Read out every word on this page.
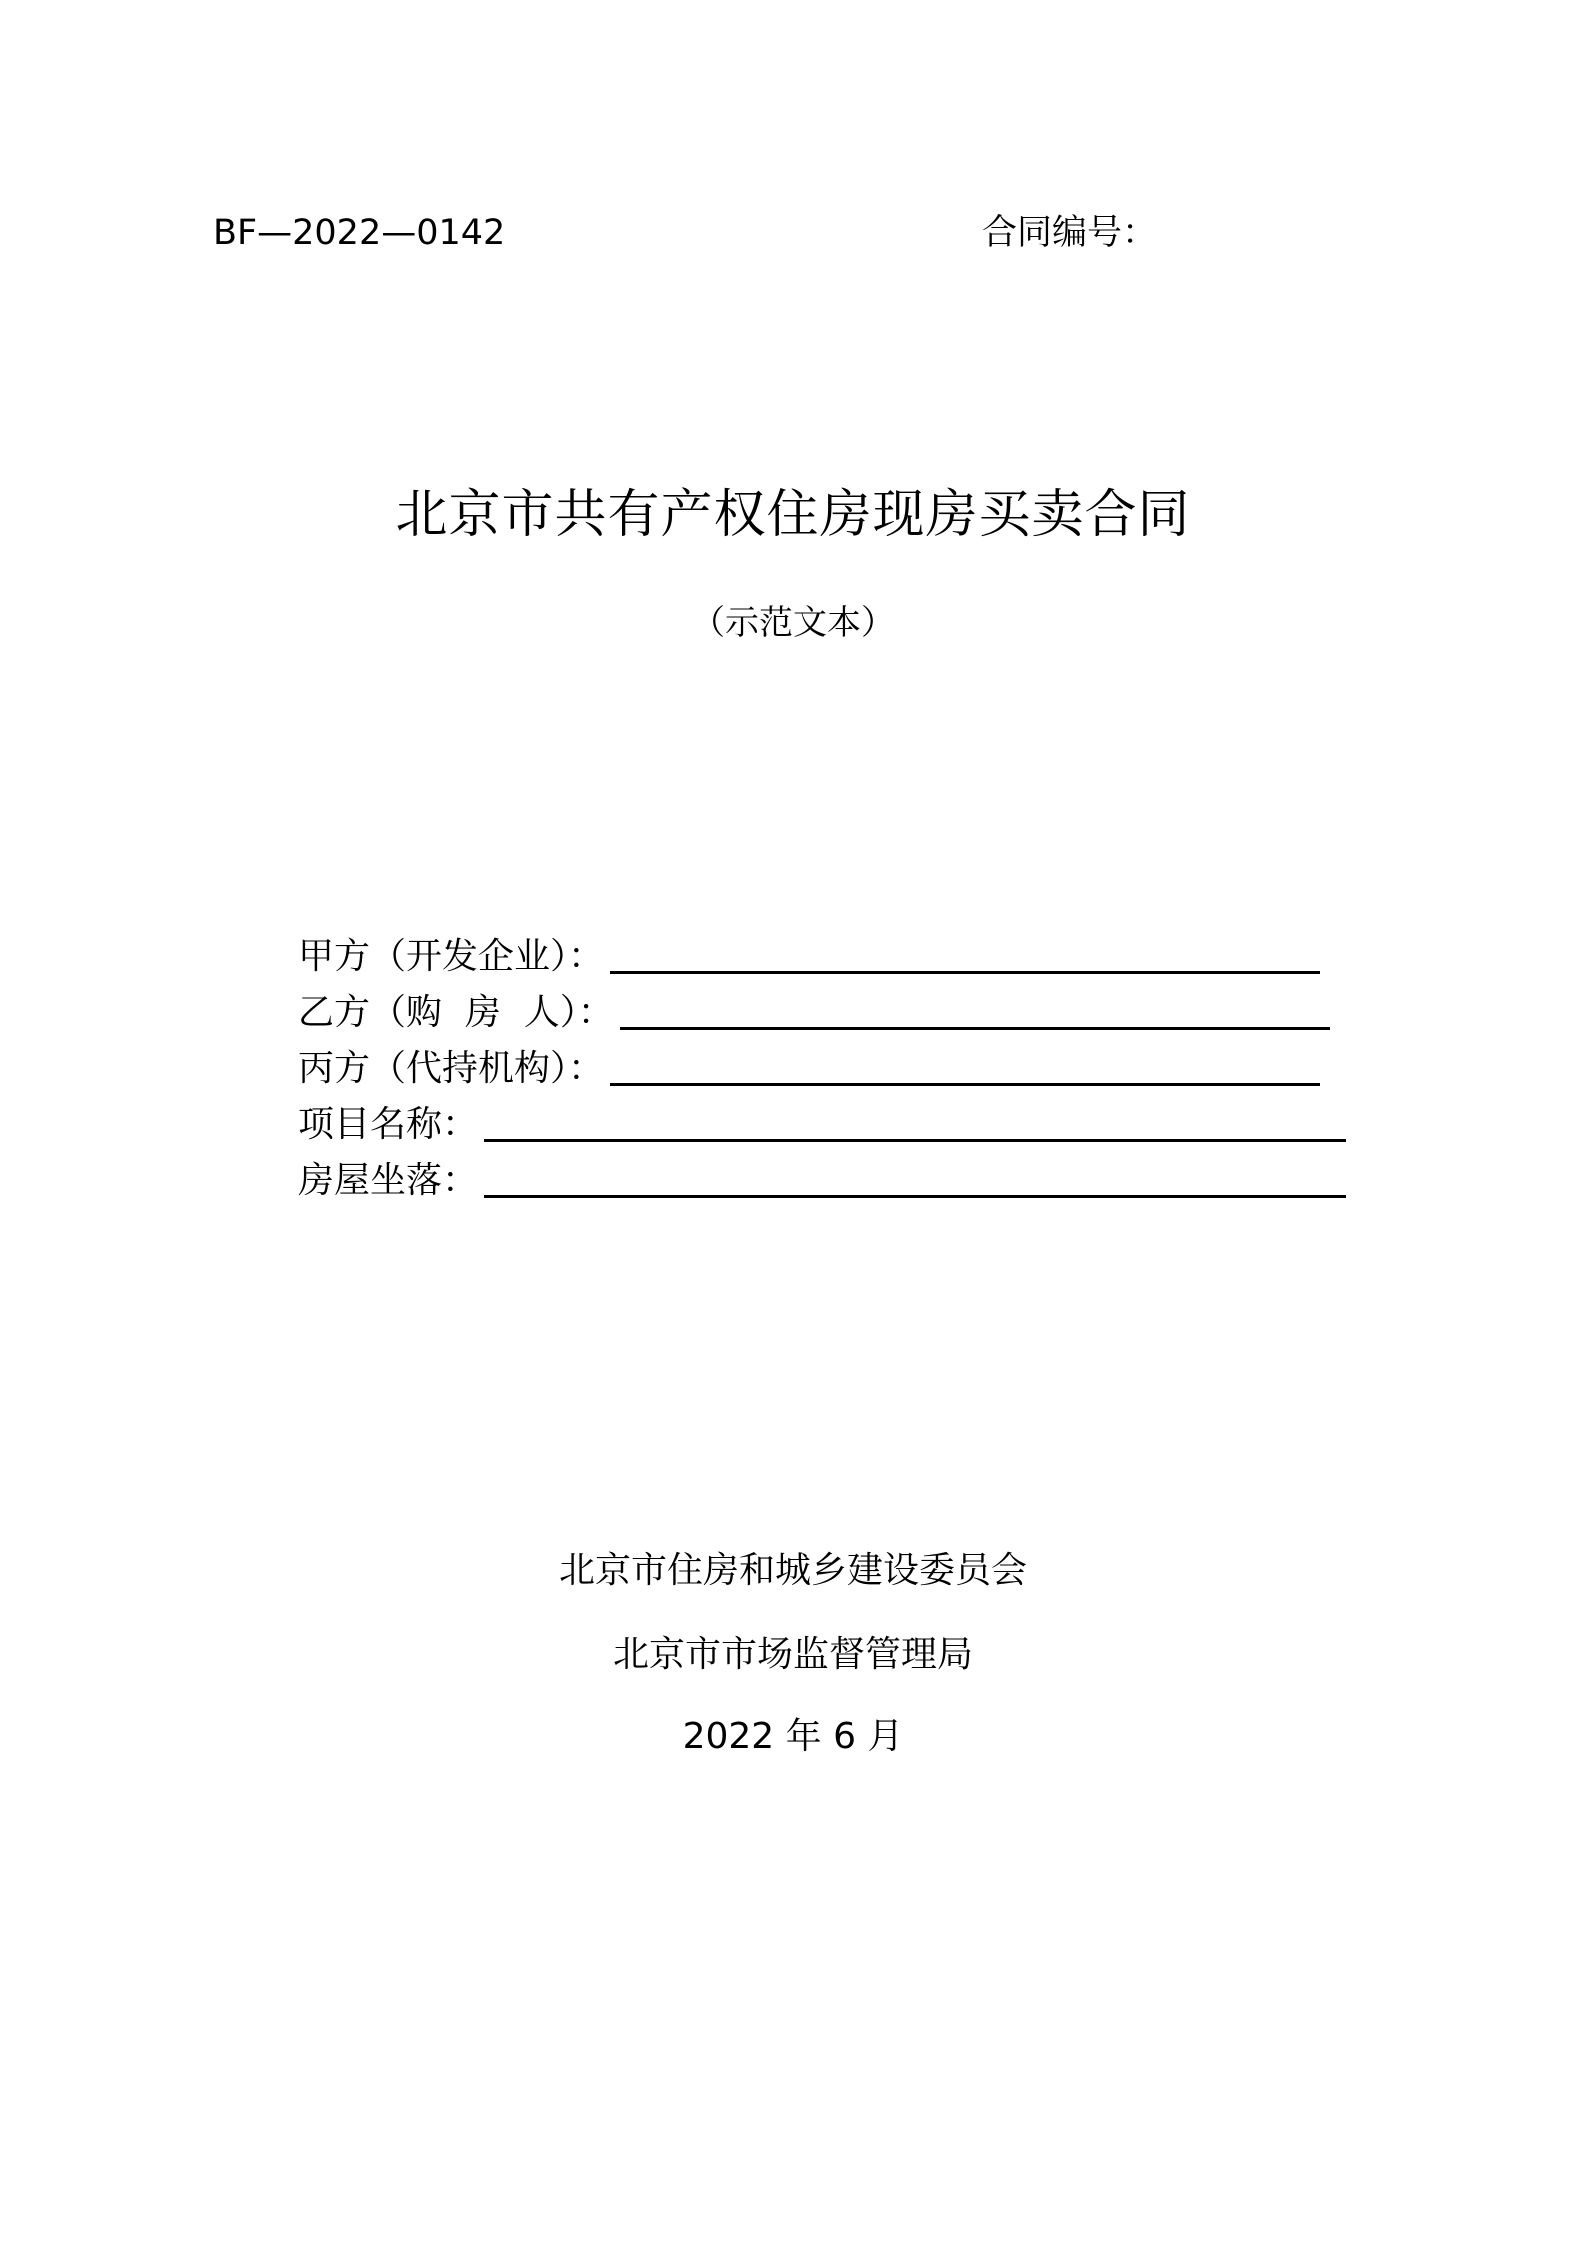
BF—2022—0142	合同编号：
北京市共有产权住房现房买卖合同
（示范文本）
甲方（开发企业）：
乙方（购  房  人）：
丙方（代持机构）：
项目名称：
房屋坐落：
北京市住房和城乡建设委员会
北京市市场监督管理局
2022 年 6 月
